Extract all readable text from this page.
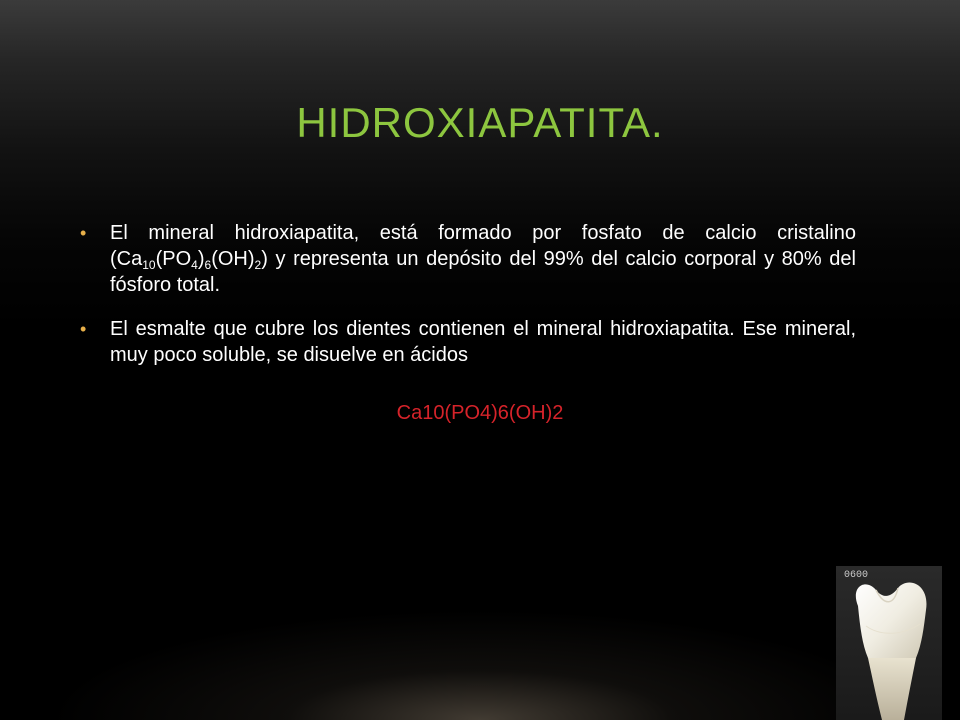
HIDROXIAPATITA.
• El mineral hidroxiapatita, está formado por fosfato de calcio cristalino $(Ca_{10}(PO_4)_6(OH)_2)$ y representa un depósito del 99% del calcio corporal y 80% del fósforo total.
• El esmalte que cubre los dientes contienen el mineral hidroxiapatita. Ese mineral, muy poco soluble, se disuelve en ácidos
Ca10(PO4)6(OH)2
0600
